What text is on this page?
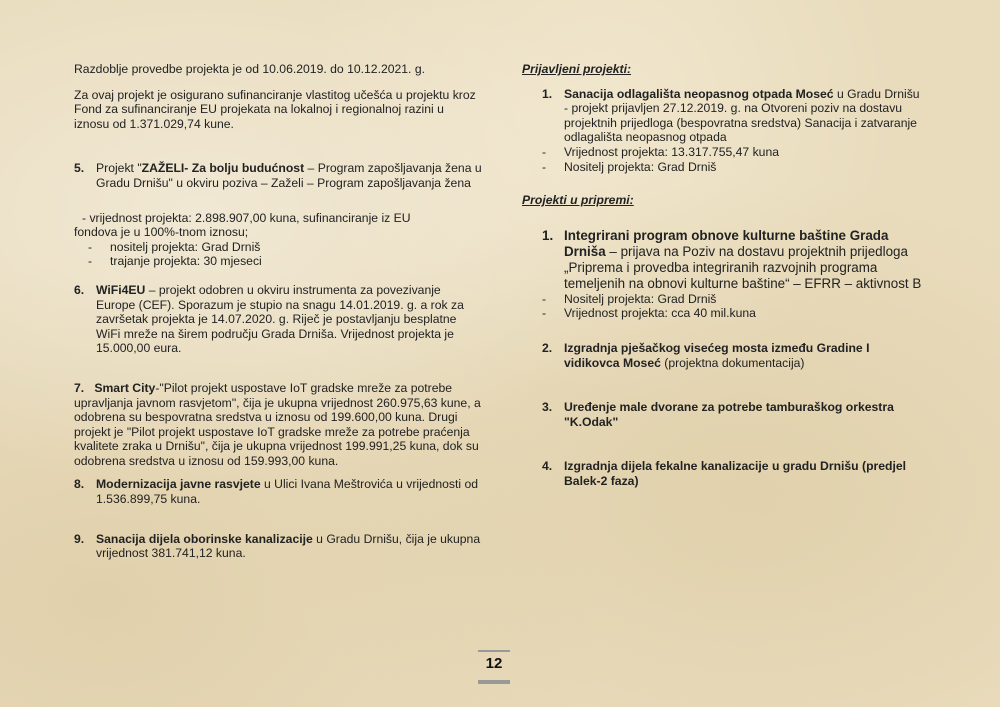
Razdoblje provedbe projekta je od 10.06.2019. do 10.12.2021. g.

Za ovaj projekt je osigurano sufinanciranje vlastitog učešća u projektu kroz Fond za sufinanciranje EU projekata na lokalnoj i regionalnoj razini u iznosu od 1.371.029,74 kune.

5. Projekt "ZAŽELI- Za bolju budućnost – Program zapošljavanja žena u Gradu Drnišu" u okviru poziva – Zaželi – Program zapošljavanja žena

- vrijednost projekta: 2.898.907,00 kuna, sufinanciranje iz EU

fondova je u 100%-tnom iznosu;

-	nositelj projekta: Grad Drniš
-	trajanje projekta: 30 mjeseci
6. WiFi4EU – projekt odobren u okviru instrumenta za povezivanje Europe (CEF). Sporazum je stupio na snagu 14.01.2019. g. a rok za završetak projekta je 14.07.2020. g. Riječ je postavljanju besplatne WiFi mreže na širem području Grada Drniša. Vrijednost projekta je 15.000,00 eura.

7. Smart City-"Pilot projekt uspostave IoT gradske mreže za potrebe upravljanja javnom rasvjetom", čija je ukupna vrijednost 260.975,63 kune, a odobrena su bespovratna sredstva u iznosu od 199.600,00 kuna. Drugi projekt je "Pilot projekt uspostave IoT gradske mreže za potrebe praćenja kvalitete zraka u Drnišu", čija je ukupna vrijednost 199.991,25 kuna, dok su odobrena sredstva u iznosu od 159.993,00 kuna.

8. Modernizacija javne rasvjete u Ulici Ivana Meštrovića u vrijednosti od 1.536.899,75 kuna.
9. Sanacija dijela oborinske kanalizacije u Gradu Drnišu, čija je ukupna vrijednost 381.741,12 kuna.

Prijavljeni projekti:

1. Sanacija odlagališta neopasnog otpada Moseć u Gradu Drnišu - projekt prijavljen 27.12.2019. g. na Otvoreni poziv na dostavu projektnih prijedloga (bespovratna sredstva) Sanacija i zatvaranje odlagališta neopasnog otpada
-	Vrijednost projekta: 13.317.755,47 kuna
-	Nositelj projekta: Grad Drniš

Projekti u pripremi:

1. Integrirani program obnove kulturne baštine Grada Drniša – prijava na Poziv na dostavu projektnih prijedloga „Priprema i provedba integriranih razvojnih programa temeljenih na obnovi kulturne baštine“ – EFRR – aktivnost B
-	Nositelj projekta: Grad Drniš
-	Vrijednost projekta: cca 40 mil.kuna
2. Izgradnja pješačkog visećeg mosta između Gradine I vidikovca Moseć (projektna dokumentacija)
3. Uređenje male dvorane za potrebe tamburaškog orkestra "K.Odak"
4. Izgradnja dijela fekalne kanalizacije u gradu Drnišu (predjel Balek-2 faza)
12
